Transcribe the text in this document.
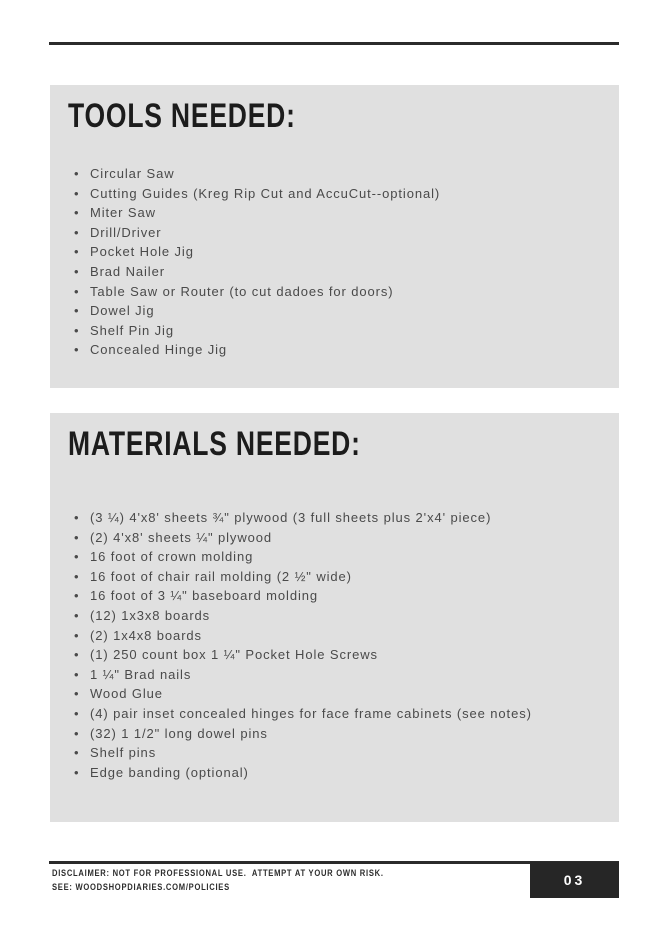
TOOLS NEEDED:
• Circular Saw
• Cutting Guides (Kreg Rip Cut and AccuCut--optional)
• Miter Saw
• Drill/Driver
• Pocket Hole Jig
• Brad Nailer
• Table Saw or Router (to cut dadoes for doors)
• Dowel Jig
• Shelf Pin Jig
• Concealed Hinge Jig
MATERIALS NEEDED:
• (3 ¼) 4'x8' sheets ¾" plywood (3 full sheets plus 2'x4' piece)
• (2) 4'x8' sheets ¼" plywood
• 16 foot of crown molding
• 16 foot of chair rail molding (2 ½" wide)
• 16 foot of 3 ¼" baseboard molding
• (12) 1x3x8 boards
• (2) 1x4x8 boards
• (1) 250 count box 1 ¼" Pocket Hole Screws
• 1 ¼" Brad nails
• Wood Glue
• (4) pair inset concealed hinges for face frame cabinets (see notes)
• (32) 1 1/2" long dowel pins
• Shelf pins
• Edge banding (optional)
DISCLAIMER: NOT FOR PROFESSIONAL USE.  ATTEMPT AT YOUR OWN RISK.
SEE: WOODSHOPDIARIES.COM/POLICIES	03
